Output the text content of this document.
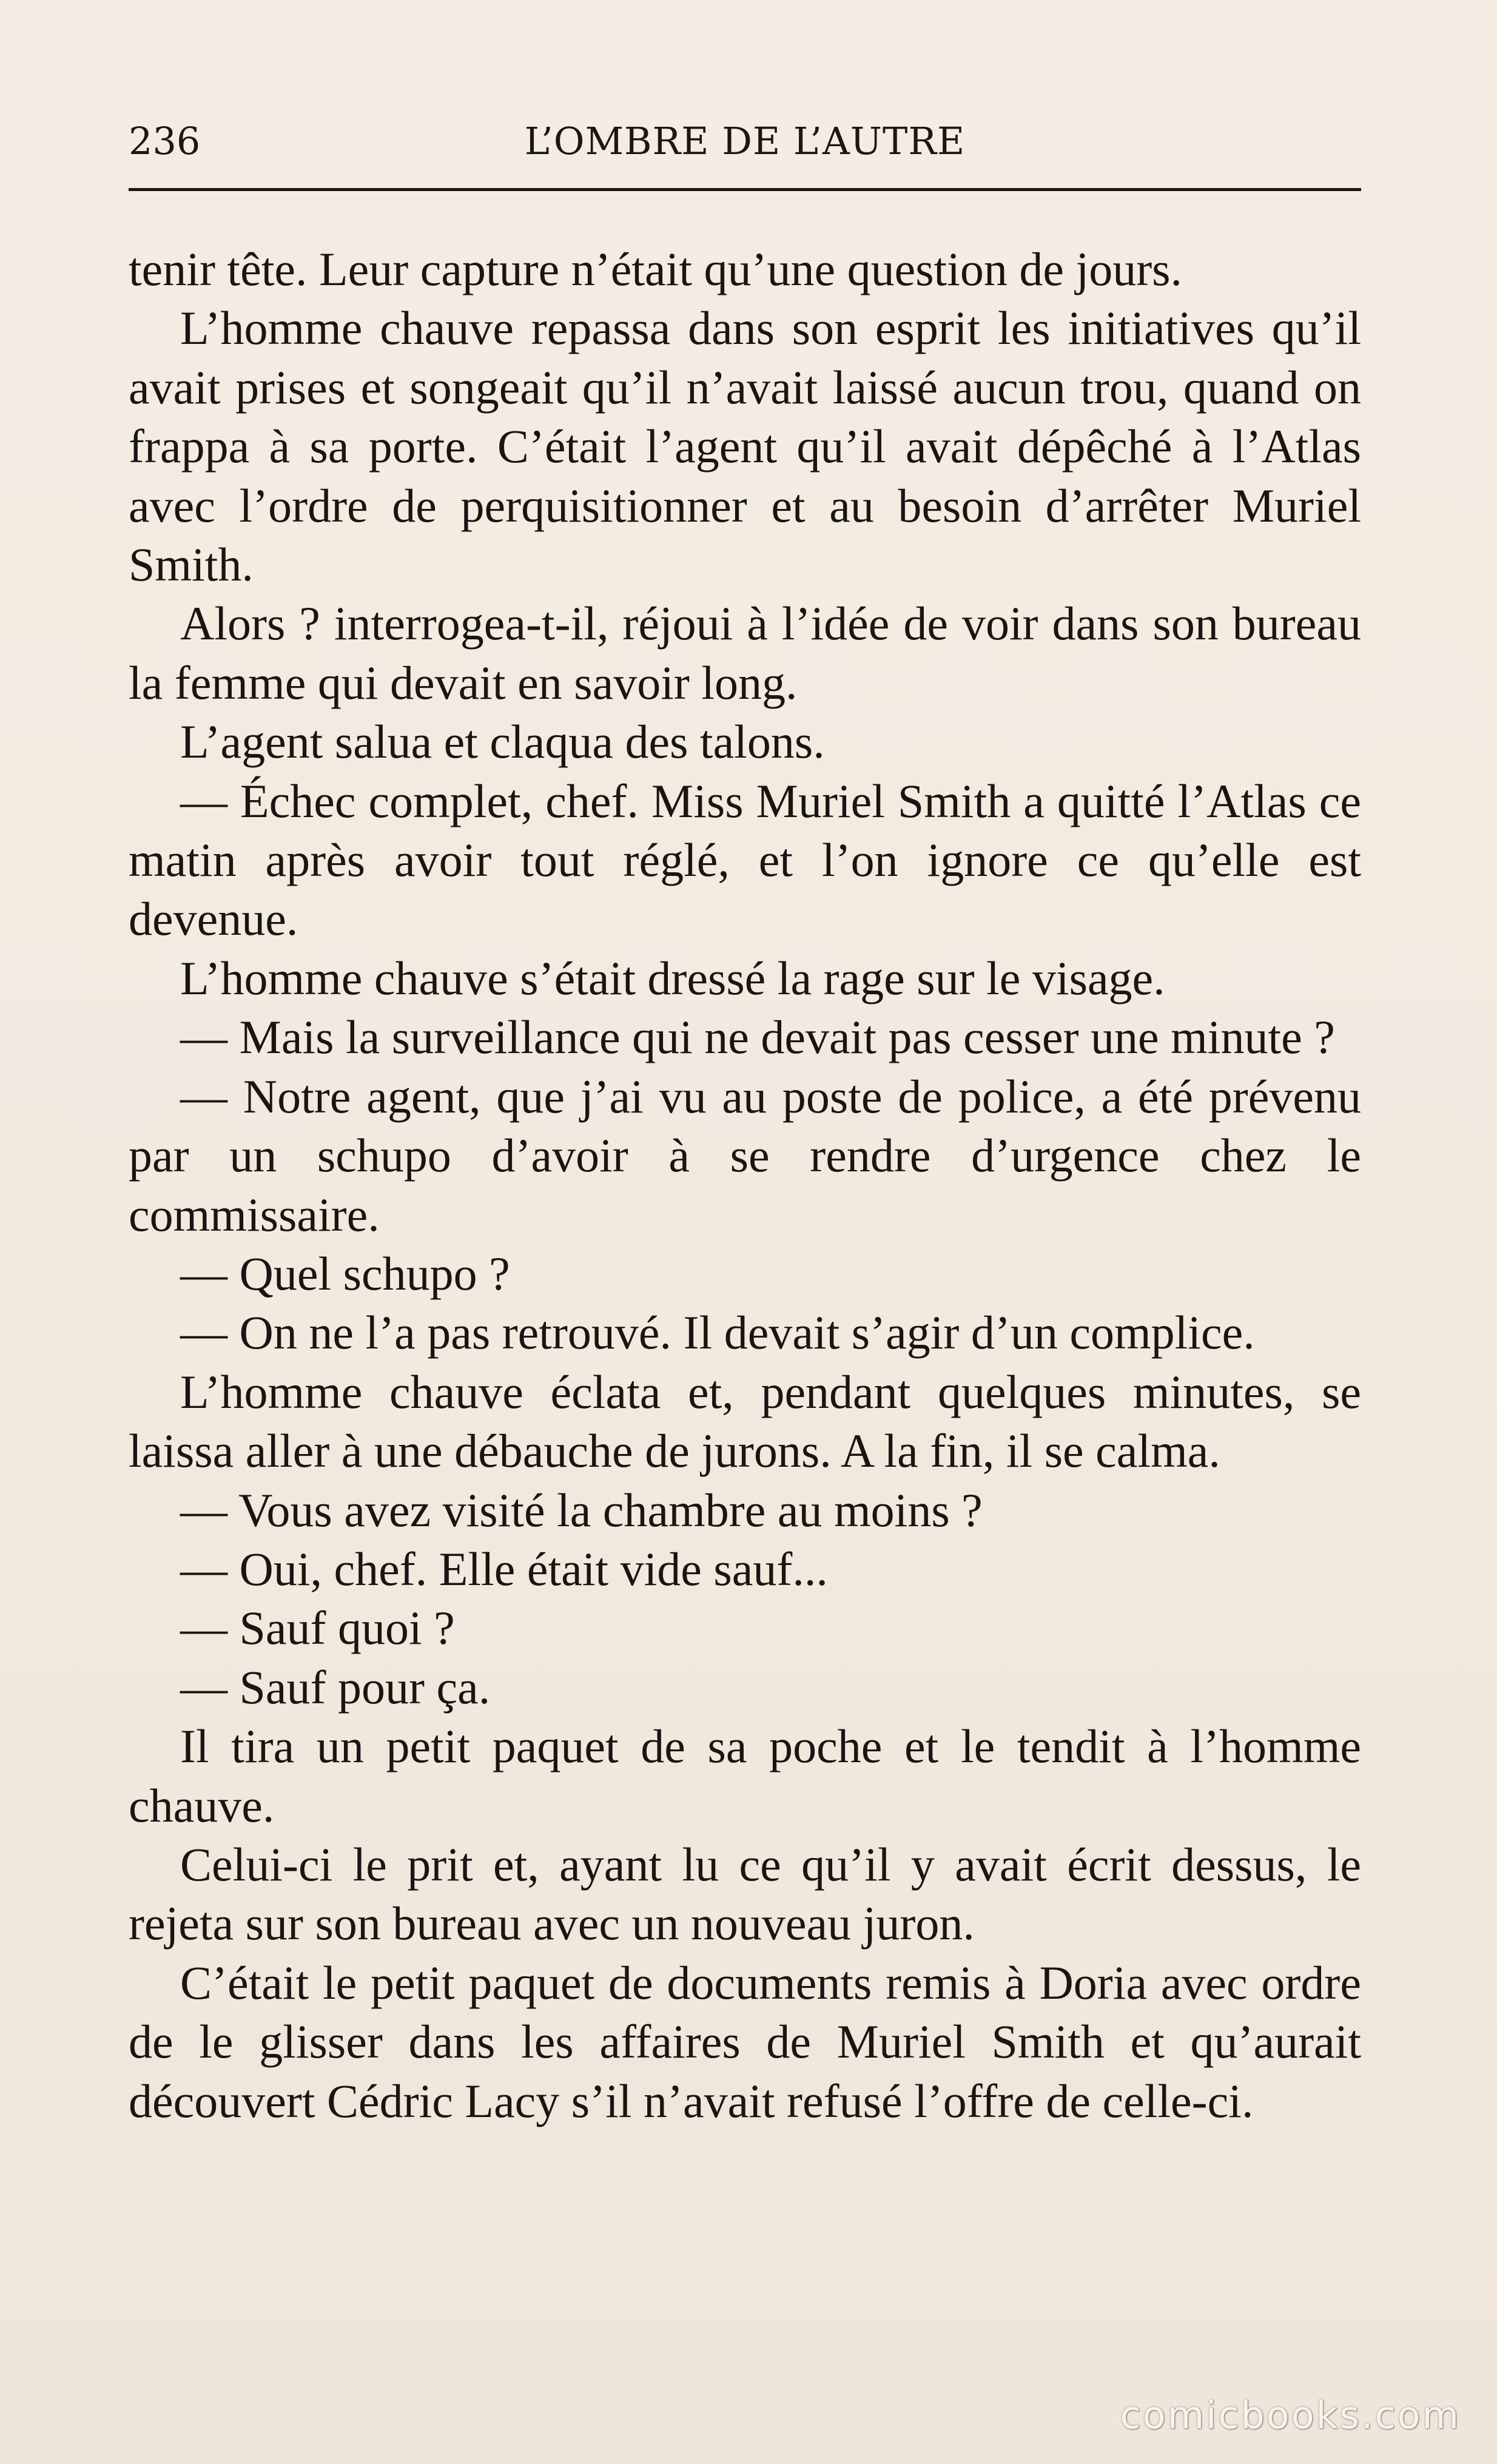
236	L’OMBRE DE L’AUTRE

tenir tête. Leur capture n’était qu’une question de jours.

L’homme chauve repassa dans son esprit les initiatives qu’il avait prises et songeait qu’il n’avait laissé aucun trou, quand on frappa à sa porte. C’était l’agent qu’il avait dépêché à l’Atlas avec l’ordre de perquisitionner et au besoin d’arrêter Muriel Smith.

Alors ? interrogea-t-il, réjoui à l’idée de voir dans son bureau la femme qui devait en savoir long.

L’agent salua et claqua des talons.

— Échec complet, chef. Miss Muriel Smith a quitté l’Atlas ce matin après avoir tout réglé, et l’on ignore ce qu’elle est devenue.

L’homme chauve s’était dressé la rage sur le visage.

— Mais la surveillance qui ne devait pas cesser une minute ?

— Notre agent, que j’ai vu au poste de police, a été prévenu par un schupo d’avoir à se rendre d’urgence chez le commissaire.

— Quel schupo ?

— On ne l’a pas retrouvé. Il devait s’agir d’un complice.

L’homme chauve éclata et, pendant quelques minutes, se laissa aller à une débauche de jurons. A la fin, il se calma.

— Vous avez visité la chambre au moins ?

— Oui, chef. Elle était vide sauf...

— Sauf quoi ?

— Sauf pour ça.

Il tira un petit paquet de sa poche et le tendit à l’homme chauve.

Celui-ci le prit et, ayant lu ce qu’il y avait écrit dessus, le rejeta sur son bureau avec un nouveau juron.

C’était le petit paquet de documents remis à Doria avec ordre de le glisser dans les affaires de Muriel Smith et qu’aurait découvert Cédric Lacy s’il n’avait refusé l’offre de celle-ci.

comicbooks.com
